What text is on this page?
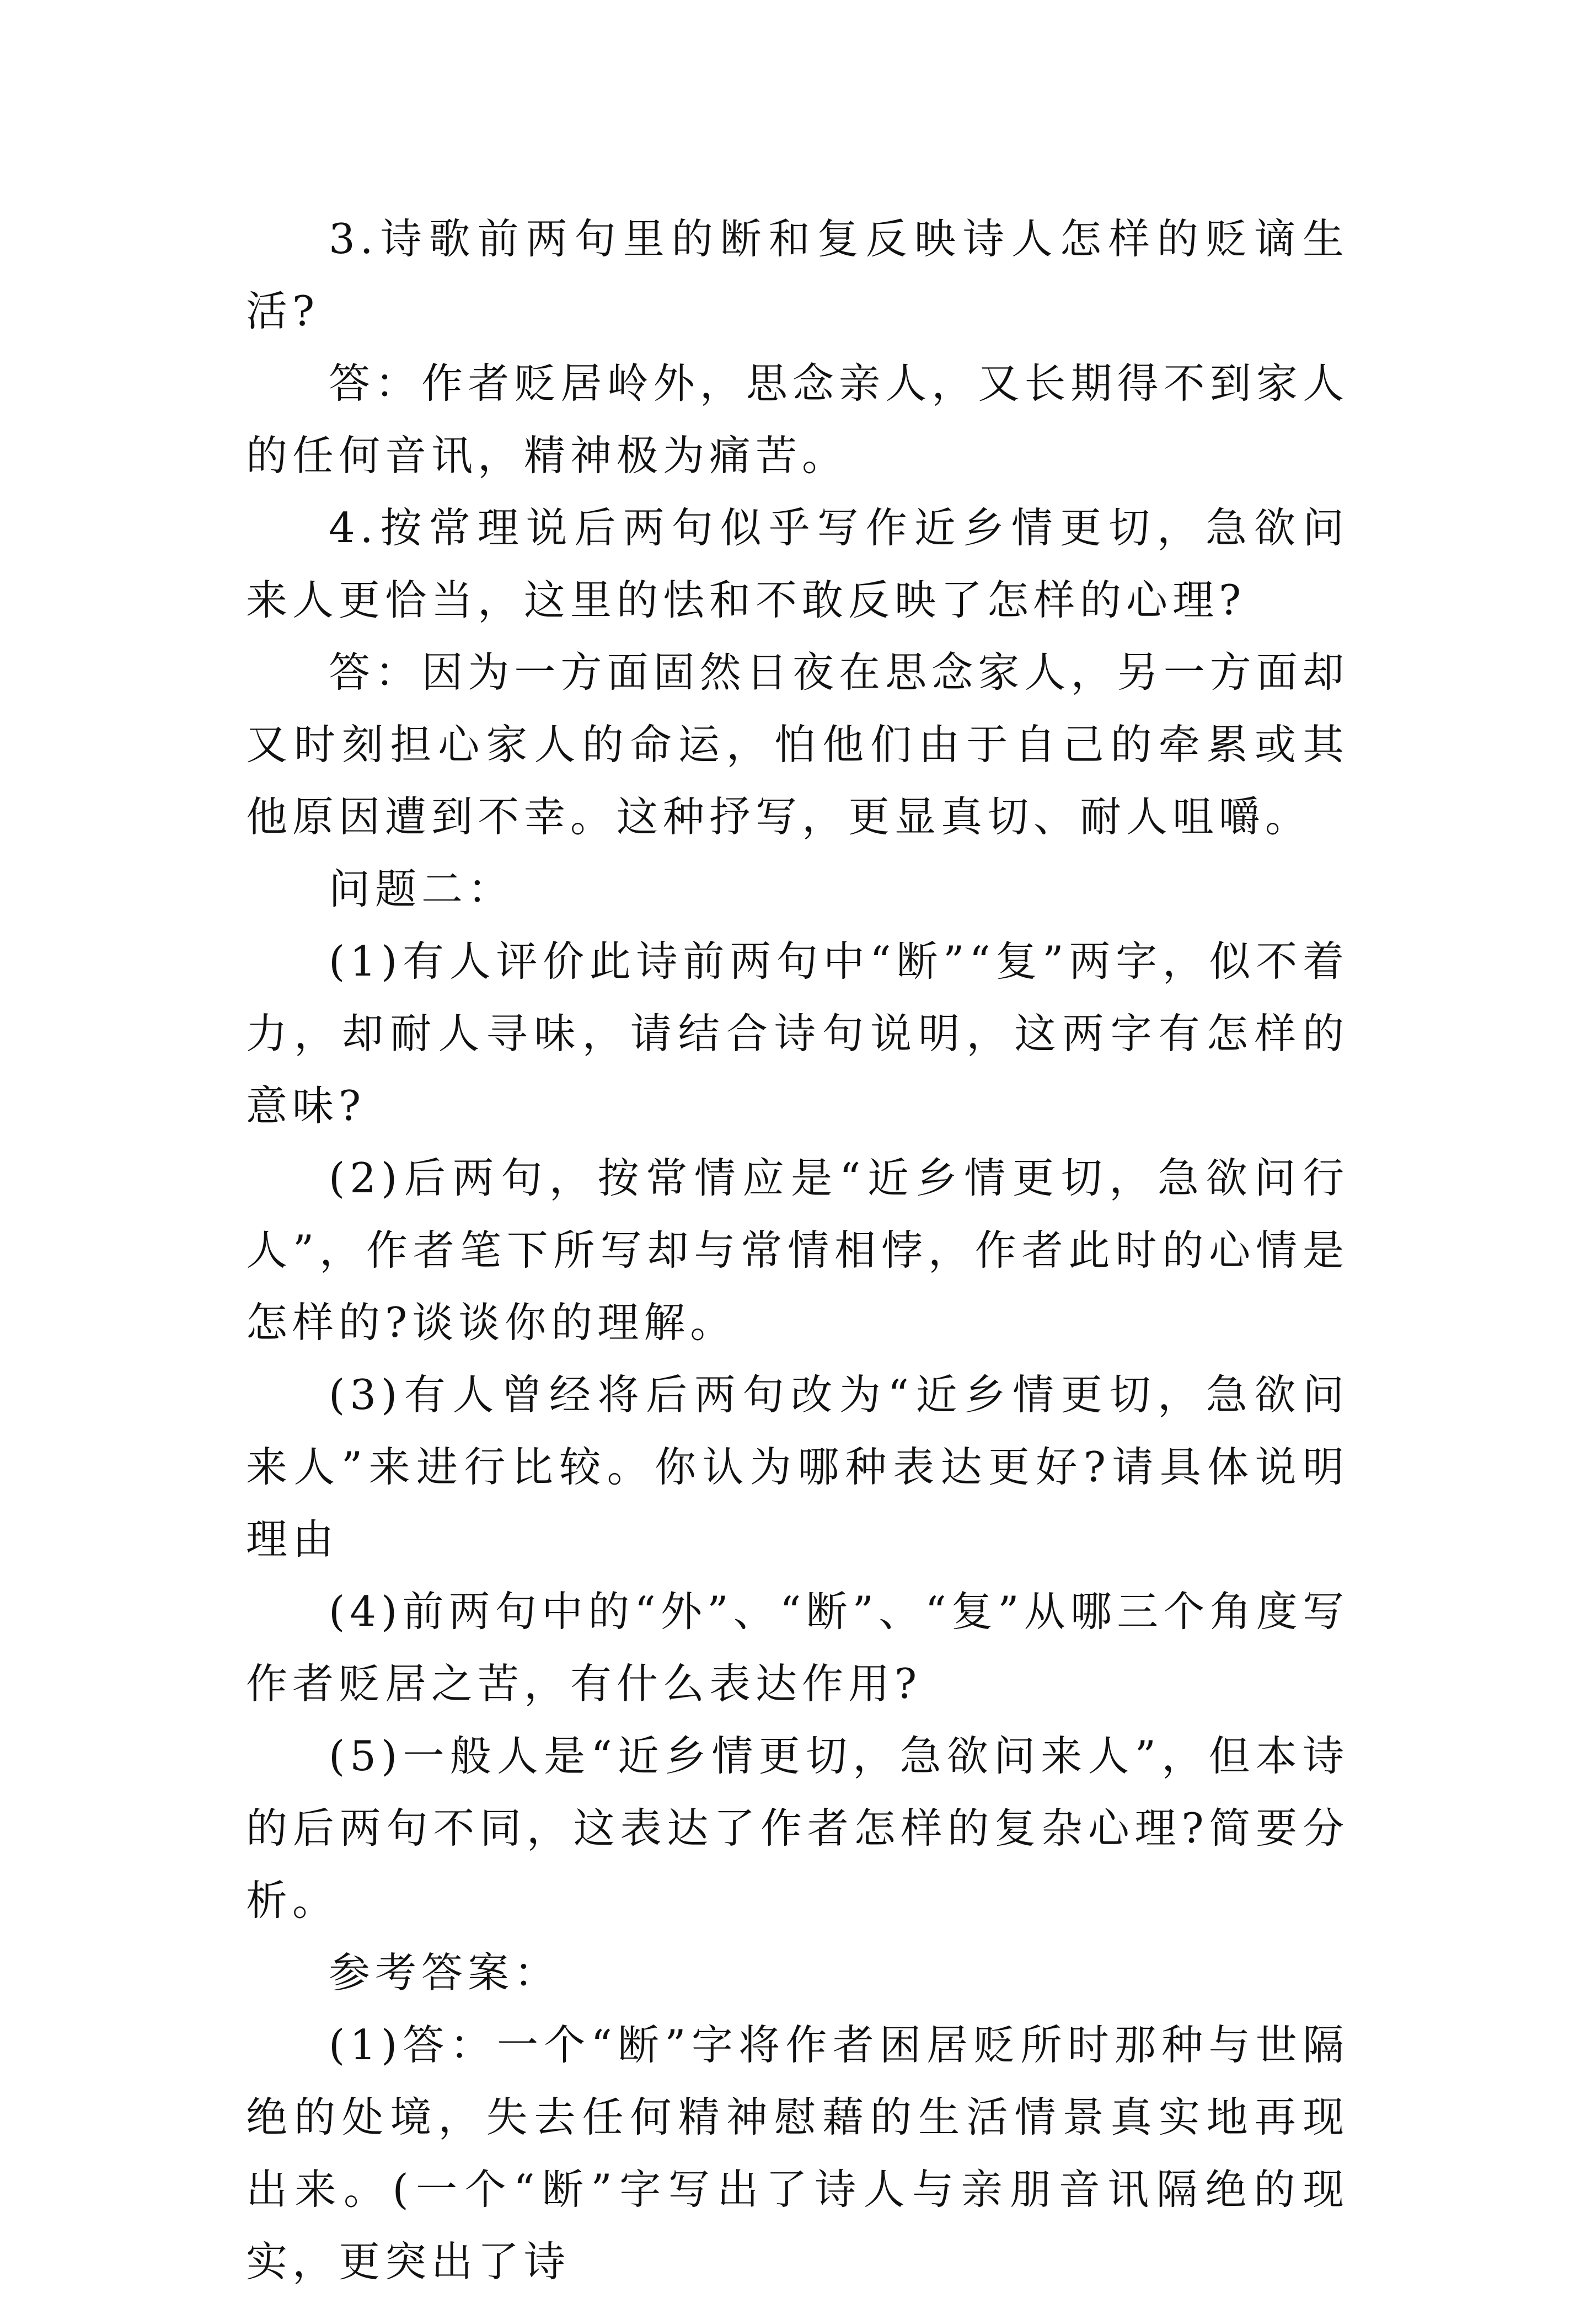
3.诗歌前两句里的断和复反映诗人怎样的贬谪生活?

答：作者贬居岭外，思念亲人，又长期得不到家人的任何音讯，精神极为痛苦。

4.按常理说后两句似乎写作近乡情更切，急欲问来人更恰当，这里的怯和不敢反映了怎样的心理?

答：因为一方面固然日夜在思念家人，另一方面却又时刻担心家人的命运，怕他们由于自己的牵累或其他原因遭到不幸。这种抒写，更显真切、耐人咀嚼。

问题二：

(1)有人评价此诗前两句中“断”“复”两字，似不着力，却耐人寻味，请结合诗句说明，这两字有怎样的意味?

(2)后两句，按常情应是“近乡情更切，急欲问行人”，作者笔下所写却与常情相悖，作者此时的心情是怎样的?谈谈你的理解。

(3)有人曾经将后两句改为“近乡情更切，急欲问来人”来进行比较。你认为哪种表达更好?请具体说明理由

(4)前两句中的“外”、“断”、“复”从哪三个角度写作者贬居之苦，有什么表达作用?

(5)一般人是“近乡情更切，急欲问来人”，但本诗的后两句不同，这表达了作者怎样的复杂心理?简要分析。

参考答案：

(1)答：一个“断”字将作者困居贬所时那种与世隔绝的处境，失去任何精神慰藉的生活情景真实地再现出来。(一个“断”字写出了诗人与亲朋音讯隔绝的现实，更突出了诗
